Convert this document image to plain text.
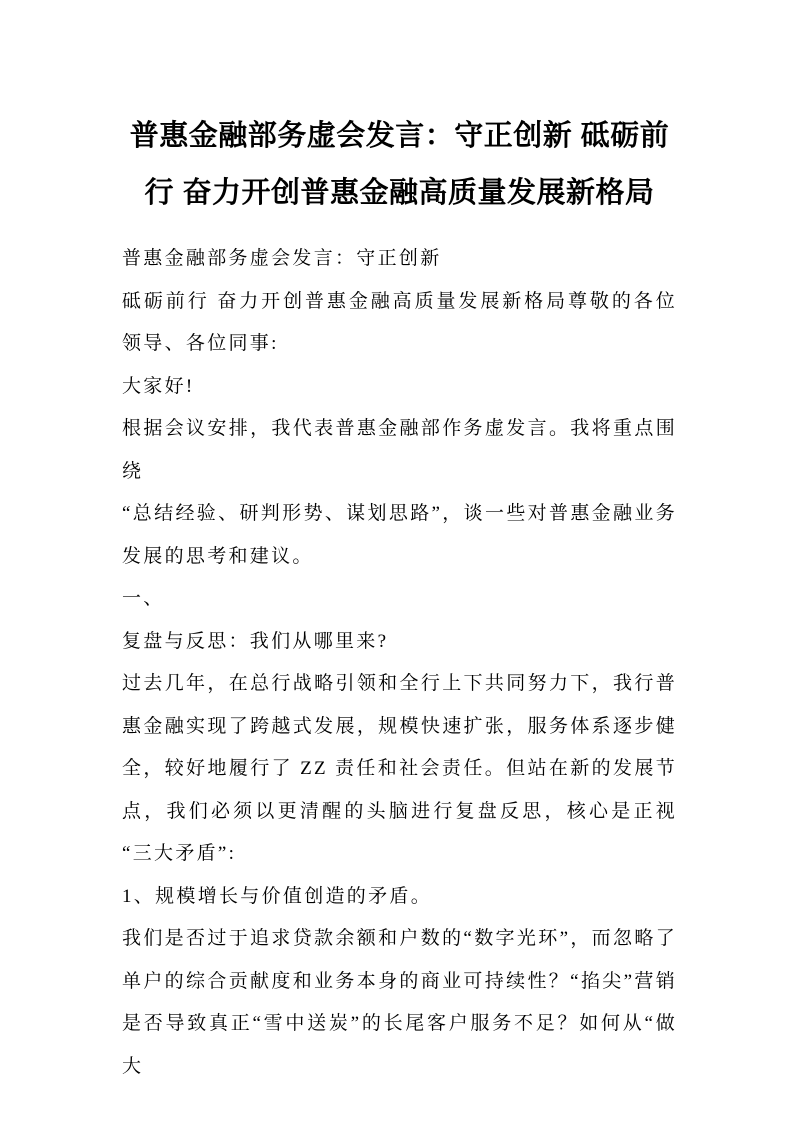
普惠金融部务虚会发言：守正创新 砥砺前行 奋力开创普惠金融高质量发展新格局

普惠金融部务虚会发言：守正创新

砥砺前行 奋力开创普惠金融高质量发展新格局尊敬的各位领导、各位同事:

大家好!

根据会议安排，我代表普惠金融部作务虚发言。我将重点围绕

“总结经验、研判形势、谋划思路”，谈一些对普惠金融业务发展的思考和建议。

一、

复盘与反思：我们从哪里来?

过去几年，在总行战略引领和全行上下共同努力下，我行普惠金融实现了跨越式发展，规模快速扩张，服务体系逐步健全，较好地履行了 ZZ 责任和社会责任。但站在新的发展节点，我们必须以更清醒的头脑进行复盘反思，核心是正视“三大矛盾”:

1、规模增长与价值创造的矛盾。

我们是否过于追求贷款余额和户数的“数字光环”，而忽略了单户的综合贡献度和业务本身的商业可持续性？“掐尖”营销是否导致真正“雪中送炭”的长尾客户服务不足？如何从“做大
